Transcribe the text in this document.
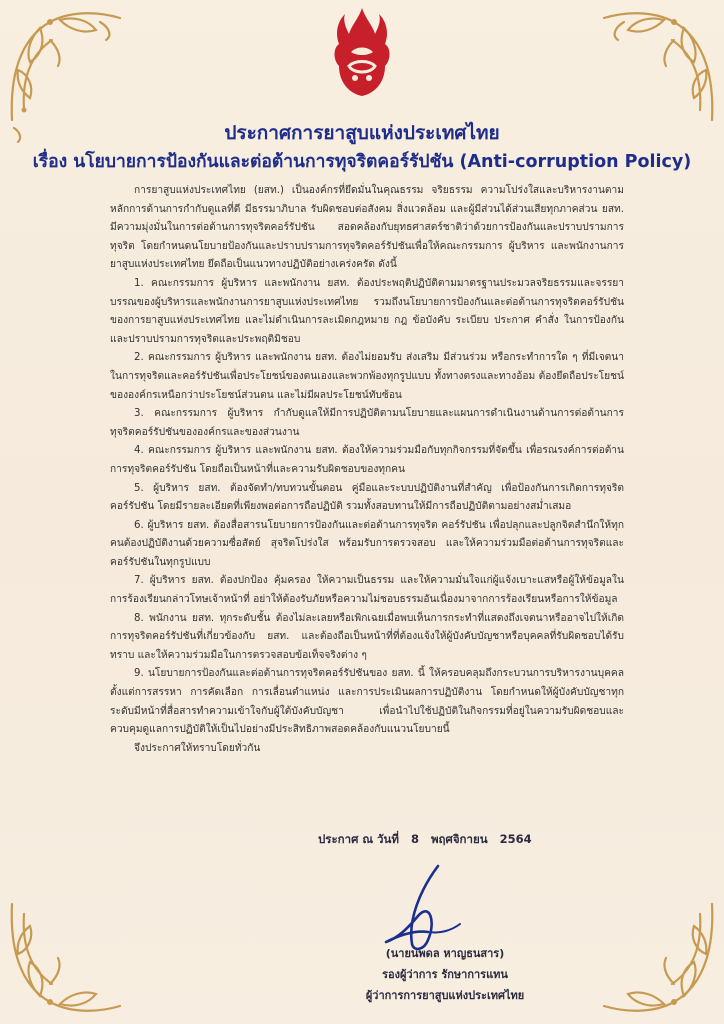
ประกาศการยาสูบแห่งประเทศไทย
เรื่อง นโยบายการป้องกันและต่อต้านการทุจริตคอร์รัปชัน (Anti-corruption Policy)

การยาสูบแห่งประเทศไทย (ยสท.) เป็นองค์กรที่ยึดมั่นในคุณธรรม จริยธรรม ความโปร่งใสและบริหารงานตามหลักการด้านการกำกับดูแลที่ดี มีธรรมาภิบาล รับผิดชอบต่อสังคม สิ่งแวดล้อม และผู้มีส่วนได้ส่วนเสียทุกภาคส่วน ยสท. มีความมุ่งมั่นในการต่อต้านการทุจริตคอร์รัปชัน สอดคล้องกับยุทธศาสตร์ชาติว่าด้วยการป้องกันและปราบปรามการทุจริต โดยกำหนดนโยบายป้องกันและปราบปรามการทุจริตคอร์รัปชันเพื่อให้คณะกรรมการ ผู้บริหาร และพนักงานการยาสูบแห่งประเทศไทย ยึดถือเป็นแนวทางปฏิบัติอย่างเคร่งครัด ดังนี้

1. คณะกรรมการ ผู้บริหาร และพนักงาน ยสท. ต้องประพฤติปฏิบัติตามมาตรฐานประมวลจริยธรรมและจรรยาบรรณของผู้บริหารและพนักงานการยาสูบแห่งประเทศไทย รวมถึงนโยบายการป้องกันและต่อต้านการทุจริตคอร์รัปชันของการยาสูบแห่งประเทศไทย และไม่ดำเนินการละเมิดกฎหมาย กฎ ข้อบังคับ ระเบียบ ประกาศ คำสั่ง ในการป้องกันและปราบปรามการทุจริตและประพฤติมิชอบ

2. คณะกรรมการ ผู้บริหาร และพนักงาน ยสท. ต้องไม่ยอมรับ ส่งเสริม มีส่วนร่วม หรือกระทำการใด ๆ ที่มีเจตนาในการทุจริตและคอร์รัปชันเพื่อประโยชน์ของตนเองและพวกพ้องทุกรูปแบบ ทั้งทางตรงและทางอ้อม ต้องยึดถือประโยชน์ขององค์กรเหนือกว่าประโยชน์ส่วนตน และไม่มีผลประโยชน์ทับซ้อน

3. คณะกรรมการ ผู้บริหาร กำกับดูแลให้มีการปฏิบัติตามนโยบายและแผนการดำเนินงานด้านการต่อต้านการทุจริตคอร์รัปชันขององค์กรและของส่วนงาน

4. คณะกรรมการ ผู้บริหาร และพนักงาน ยสท. ต้องให้ความร่วมมือกับทุกกิจกรรมที่จัดขึ้น เพื่อรณรงค์การต่อต้านการทุจริตคอร์รัปชัน โดยถือเป็นหน้าที่และความรับผิดชอบของทุกคน

5. ผู้บริหาร ยสท. ต้องจัดทำ/ทบทวนขั้นตอน คู่มือและระบบปฏิบัติงานที่สำคัญ เพื่อป้องกันการเกิดการทุจริตคอร์รัปชัน โดยมีรายละเอียดที่เพียงพอต่อการถือปฏิบัติ รวมทั้งสอบทานให้มีการถือปฏิบัติตามอย่างสม่ำเสมอ

6. ผู้บริหาร ยสท. ต้องสื่อสารนโยบายการป้องกันและต่อต้านการทุจริต คอร์รัปชัน เพื่อปลุกและปลูกจิตสำนึกให้ทุกคนต้องปฏิบัติงานด้วยความซื่อสัตย์ สุจริตโปร่งใส พร้อมรับการตรวจสอบ และให้ความร่วมมือต่อต้านการทุจริตและคอร์รัปชันในทุกรูปแบบ

7. ผู้บริหาร ยสท. ต้องปกป้อง คุ้มครอง ให้ความเป็นธรรม และให้ความมั่นใจแก่ผู้แจ้งเบาะแสหรือผู้ให้ข้อมูลในการร้องเรียนกล่าวโทษเจ้าหน้าที่ อย่าให้ต้องรับภัยหรือความไม่ชอบธรรมอันเนื่องมาจากการร้องเรียนหรือการให้ข้อมูล

8. พนักงาน ยสท. ทุกระดับชั้น ต้องไม่ละเลยหรือเพิกเฉยเมื่อพบเห็นการกระทำที่แสดงถึงเจตนาหรืออาจไปให้เกิดการทุจริตคอร์รัปชันที่เกี่ยวข้องกับ ยสท. และต้องถือเป็นหน้าที่ที่ต้องแจ้งให้ผู้บังคับบัญชาหรือบุคคลที่รับผิดชอบได้รับทราบ และให้ความร่วมมือในการตรวจสอบข้อเท็จจริงต่าง ๆ

9. นโยบายการป้องกันและต่อต้านการทุจริตคอร์รัปชันของ ยสท. นี้ ให้ครอบคลุมถึงกระบวนการบริหารงานบุคคลตั้งแต่การสรรหา การคัดเลือก การเลื่อนตำแหน่ง และการประเมินผลการปฏิบัติงาน โดยกำหนดให้ผู้บังคับบัญชาทุกระดับมีหน้าที่สื่อสารทำความเข้าใจกับผู้ใต้บังคับบัญชา เพื่อนำไปใช้ปฏิบัติในกิจกรรมที่อยู่ในความรับผิดชอบและควบคุมดูแลการปฏิบัติให้เป็นไปอย่างมีประสิทธิภาพสอดคล้องกับแนวนโยบายนี้

จึงประกาศให้ทราบโดยทั่วกัน

ประกาศ ณ วันที่   8   พฤศจิกายน   2564
(นายนพดล หาญธนสาร)
รองผู้ว่าการ รักษาการแทน
ผู้ว่าการการยาสูบแห่งประเทศไทย
